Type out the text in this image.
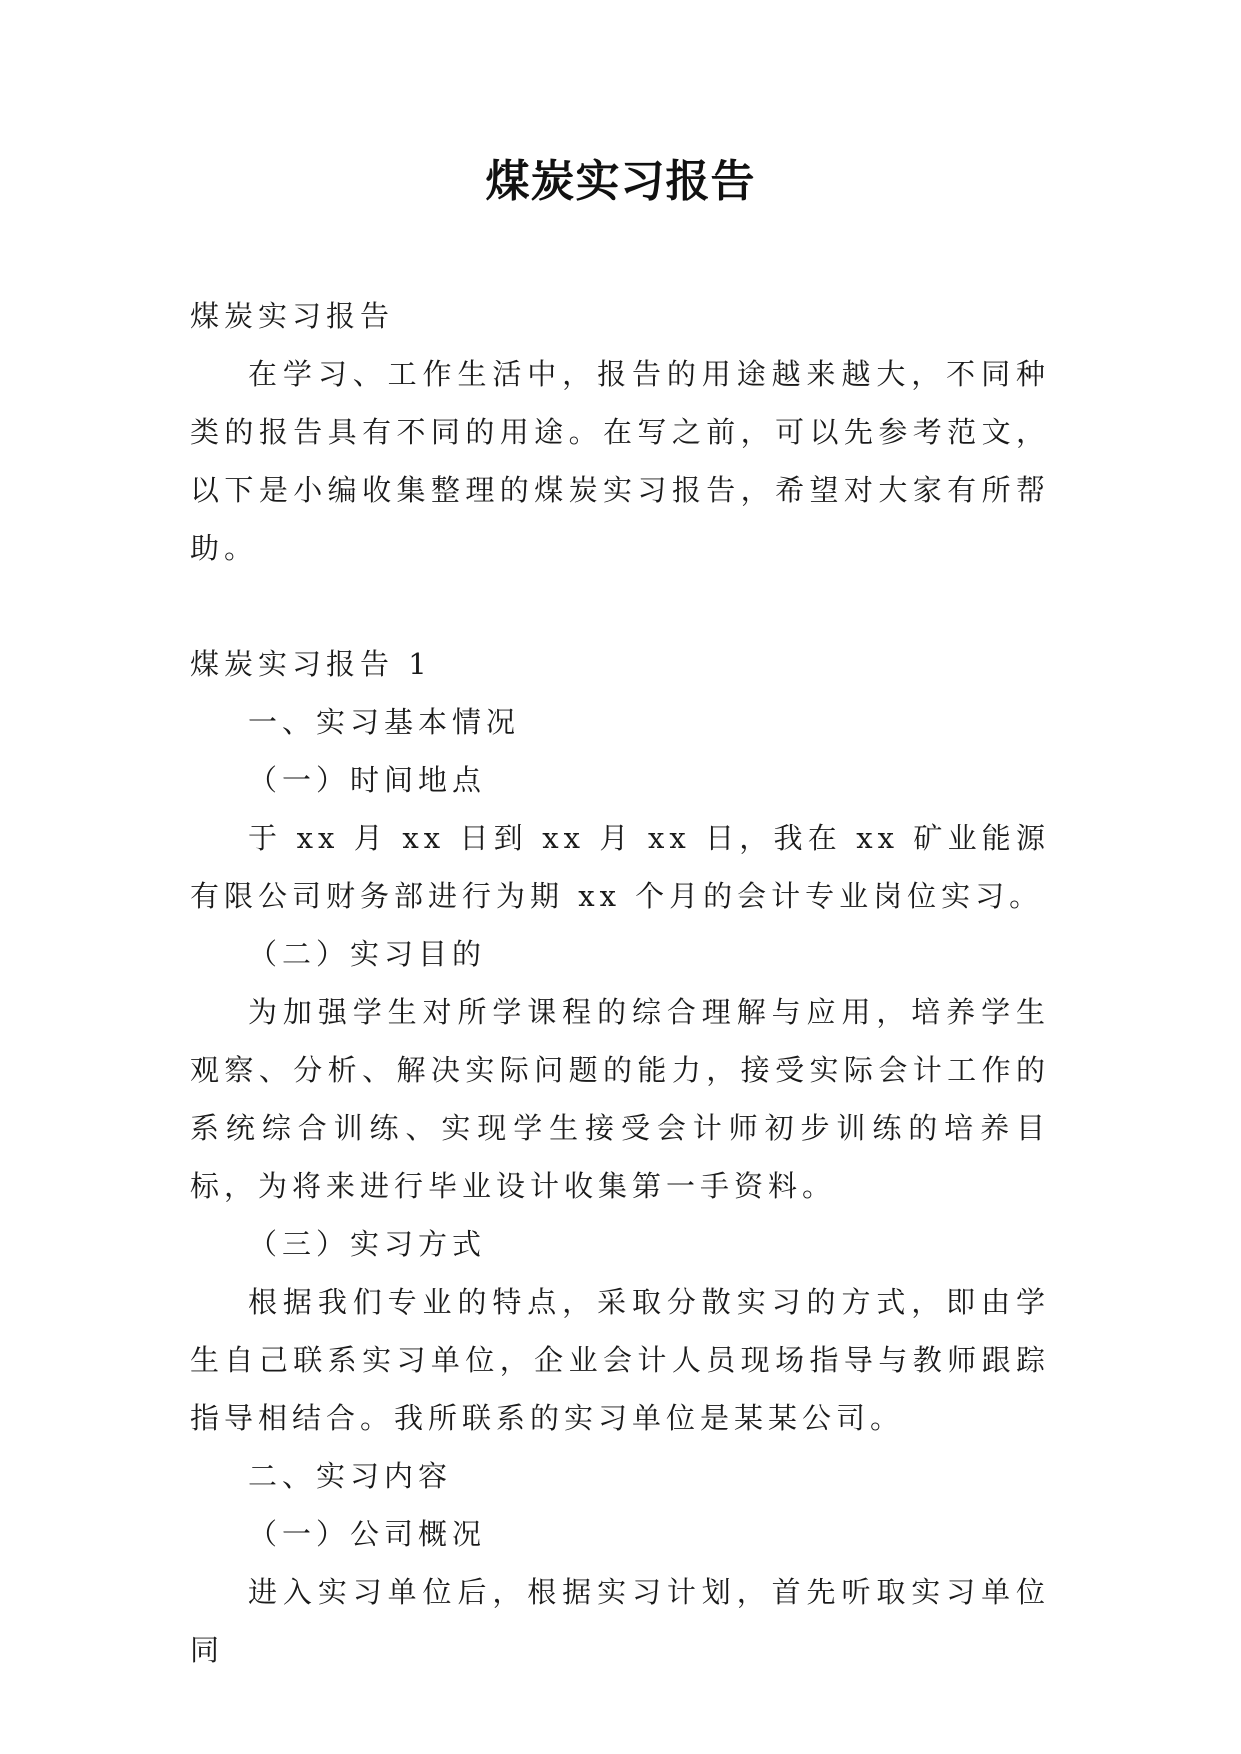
煤炭实习报告

煤炭实习报告

在学习、工作生活中，报告的用途越来越大，不同种类的报告具有不同的用途。在写之前，可以先参考范文，以下是小编收集整理的煤炭实习报告，希望对大家有所帮助。

煤炭实习报告 1

一、实习基本情况

（一）时间地点

于 xx 月 xx 日到 xx 月 xx 日，我在 xx 矿业能源有限公司财务部进行为期 xx 个月的会计专业岗位实习。

（二）实习目的

为加强学生对所学课程的综合理解与应用，培养学生观察、分析、解决实际问题的能力，接受实际会计工作的系统综合训练、实现学生接受会计师初步训练的培养目标，为将来进行毕业设计收集第一手资料。

（三）实习方式

根据我们专业的特点，采取分散实习的方式，即由学生自己联系实习单位，企业会计人员现场指导与教师跟踪指导相结合。我所联系的实习单位是某某公司。

二、实习内容

（一）公司概况

进入实习单位后，根据实习计划，首先听取实习单位同
